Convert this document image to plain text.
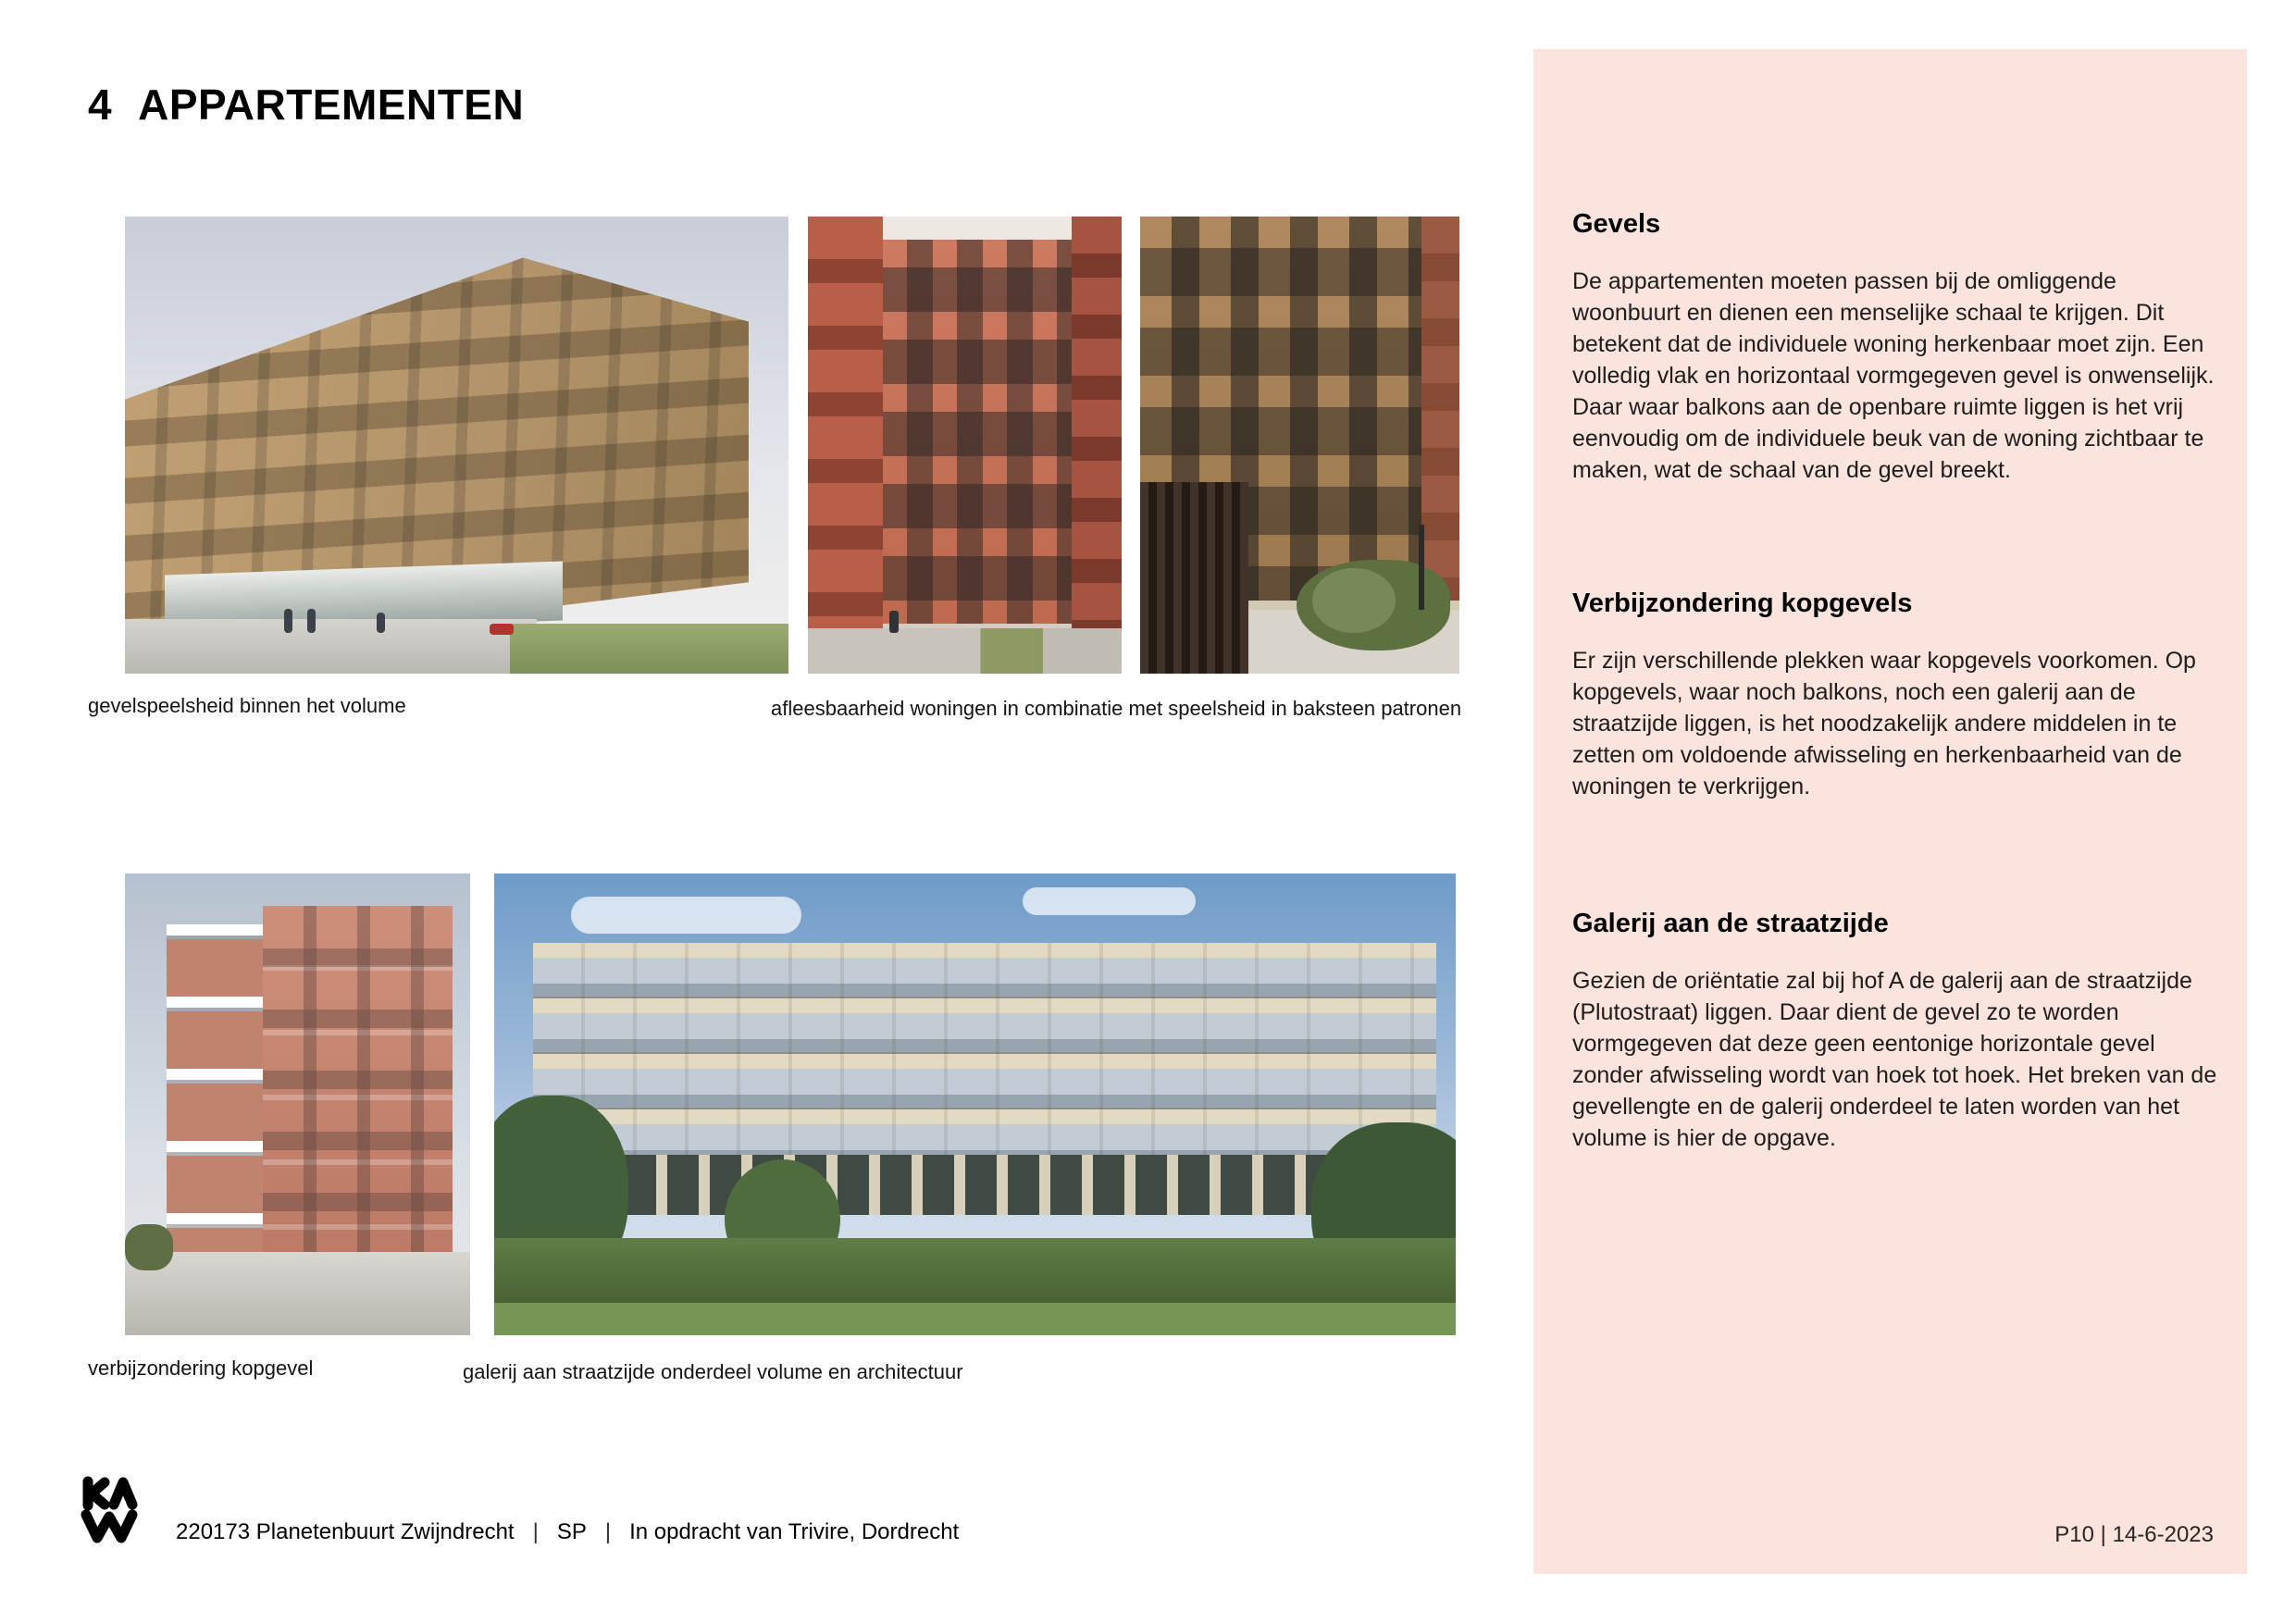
4 APPARTEMENTEN
gevelspeelsheid binnen het volume	afleesbaarheid woningen in combinatie met speelsheid in baksteen patronen
verbijzondering kopgevel	galerij aan straatzijde onderdeel volume en architectuur
Gevels

De appartementen moeten passen bij de omliggende woonbuurt en dienen een menselijke schaal te krijgen. Dit betekent dat de individuele woning herkenbaar moet zijn. Een volledig vlak en horizontaal vormgegeven gevel is onwenselijk. Daar waar balkons aan de openbare ruimte liggen is het vrij eenvoudig om de individuele beuk van de woning zichtbaar te maken, wat de schaal van de gevel breekt.

Verbijzondering kopgevels

Er zijn verschillende plekken waar kopgevels voorkomen. Op kopgevels, waar noch balkons, noch een galerij aan de straatzijde liggen, is het noodzakelijk andere middelen in te zetten om voldoende afwisseling en herkenbaarheid van de woningen te verkrijgen.

Galerij aan de straatzijde

Gezien de oriëntatie zal bij hof A de galerij aan de straatzijde (Plutostraat) liggen. Daar dient de gevel zo te worden vormgegeven dat deze geen eentonige horizontale gevel zonder afwisseling wordt van hoek tot hoek. Het breken van de gevellengte en de galerij onderdeel te laten worden van het volume is hier de opgave.

P10 | 14-6-2023
220173 Planetenbuurt Zwijndrecht | SP | In opdracht van Trivire, Dordrecht
